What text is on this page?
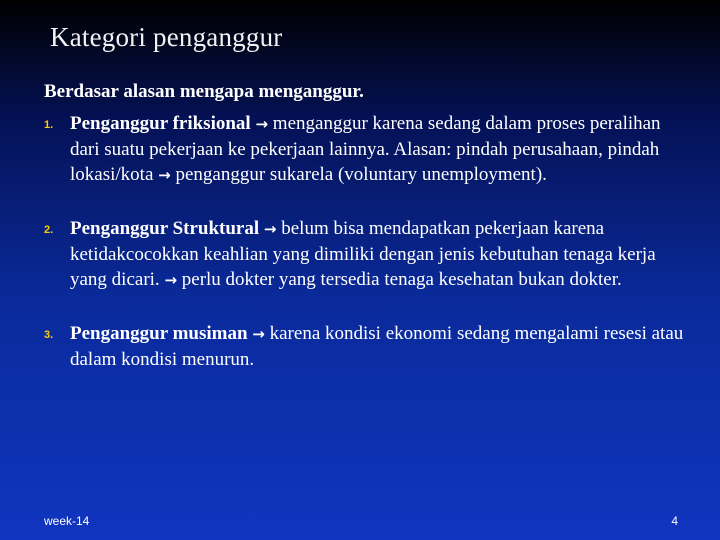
Kategori penganggur
Berdasar alasan mengapa menganggur.
1. Penganggur friksional → menganggur karena sedang dalam proses peralihan dari suatu pekerjaan ke pekerjaan lainnya. Alasan: pindah perusahaan, pindah lokasi/kota → penganggur sukarela (voluntary unemployment).
2. Penganggur Struktural → belum bisa mendapatkan pekerjaan karena ketidakcocokkan keahlian yang dimiliki dengan jenis kebutuhan tenaga kerja yang dicari. → perlu dokter yang tersedia tenaga kesehatan bukan dokter.
3. Penganggur musiman → karena kondisi ekonomi sedang mengalami resesi atau dalam kondisi menurun.
week-14	4
